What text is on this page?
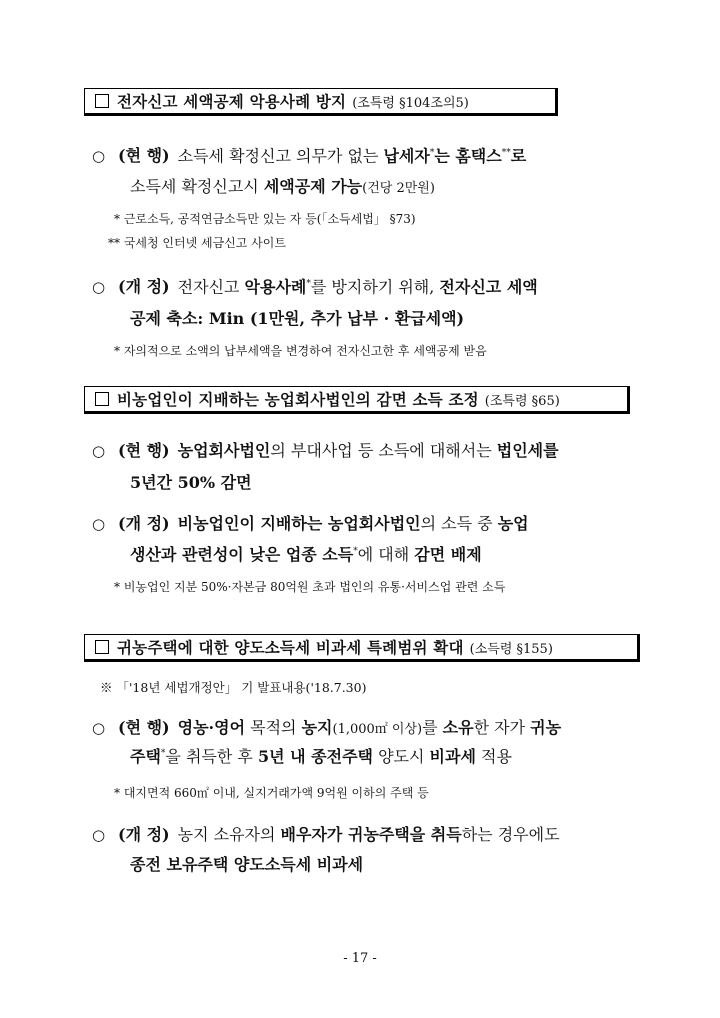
전자신고 세액공제 악용사례 방지 (조특령 §104조의5)
○ (현 행) 소득세 확정신고 의무가 없는 납세자*는 홈택스**로
소득세 확정신고시 세액공제 가능(건당 2만원)
* 근로소득, 공적연금소득만 있는 자 등(「소득세법」 §73)
** 국세청 인터넷 세금신고 사이트
○ (개 정) 전자신고 악용사례*를 방지하기 위해, 전자신고 세액
공제 축소: Min (1만원, 추가 납부 · 환급세액)
* 자의적으로 소액의 납부세액을 변경하여 전자신고한 후 세액공제 받음
비농업인이 지배하는 농업회사법인의 감면 소득 조정 (조특령 §65)
○ (현 행) 농업회사법인의 부대사업 등 소득에 대해서는 법인세를
5년간 50% 감면
○ (개 정) 비농업인이 지배하는 농업회사법인의 소득 중 농업
생산과 관련성이 낮은 업종 소득*에 대해 감면 배제
* 비농업인 지분 50%·자본금 80억원 초과 법인의 유통·서비스업 관련 소득
귀농주택에 대한 양도소득세 비과세 특례범위 확대 (소득령 §155)
※ 「'18년 세법개정안」 기 발표내용('18.7.30)
○ (현 행) 영농·영어 목적의 농지(1,000㎡ 이상)를 소유한 자가 귀농
주택*을 취득한 후 5년 내 종전주택 양도시 비과세 적용
* 대지면적 660㎡ 이내, 실지거래가액 9억원 이하의 주택 등
○ (개 정) 농지 소유자의 배우자가 귀농주택을 취득하는 경우에도
종전 보유주택 양도소득세 비과세
- 17 -
